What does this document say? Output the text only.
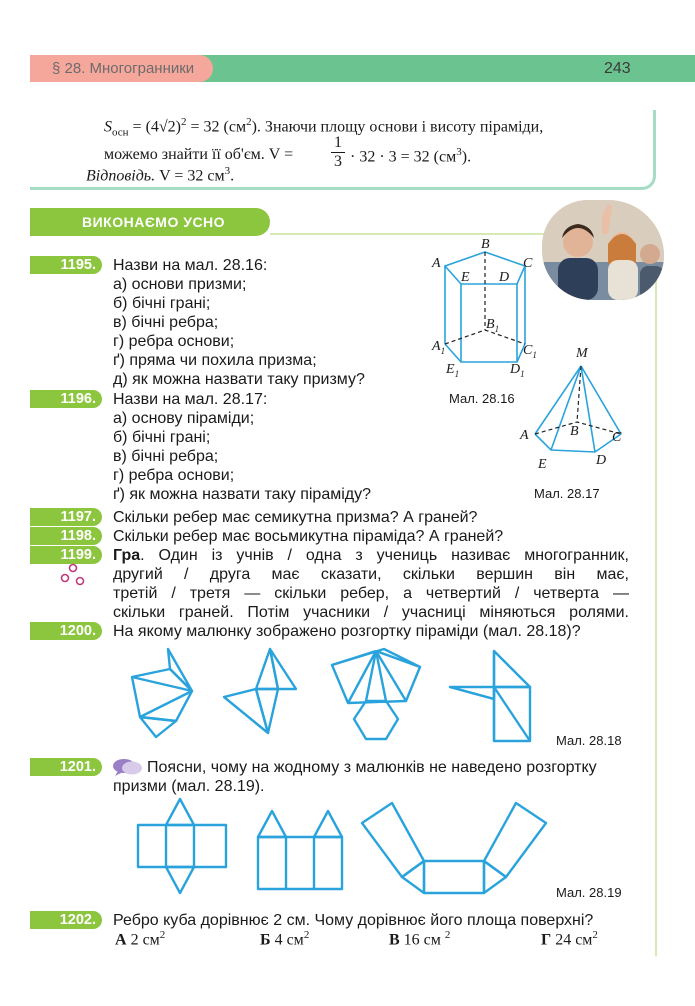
§ 28. Многогранники	243
$S_{осн} = (4√2)^2 = 32$ $(см^2)$. Знаючи площу основи і висоту піраміди,
можемо знайти її об'єм. $V = \frac{1}{3} \cdot 32 \cdot 3 = 32$ $(см^3)$.
Відповідь. V = 32 $см^3$.
ВИКОНАЄМО УСНО
1195.	Назви на мал. 28.16:
а) основи призми;
б) бічні грані;
в) бічні ребра;
г) ребра основи;
ґ) пряма чи похила призма;
д) як можна назвати таку призму?
1196.	Назви на мал. 28.17:
а) основу піраміди;
б) бічні грані;
в) бічні ребра;
г) ребра основи;
ґ) як можна назвати таку піраміду?
A
B
C
D
E
$B_1$
$A_1$	$C_1$
$E_1$	$D_1$
Мал. 28.16
M
A	B C
D
E
Мал. 28.17
1197.	Скільки ребер має семикутна призма? А граней?
1198.	Скільки ребер має восьмикутна піраміда? А граней?
1199.	Гра. Один із учнів / одна з учениць називає многогранник,
другий / друга має сказати, скільки вершин він має,
третій / третя — скільки ребер, а четвертий / четверта —
скільки граней. Потім учасники / учасниці міняються ролями.
1200.	На якому малюнку зображено розгортку піраміди (мал. 28.18)?
Мал. 28.18
1201.	Поясни, чому на жодному з малюнків не наведено розгортку
призми (мал. 28.19).
Мал. 28.19
1202.	Ребро куба дорівнює 2 см. Чому дорівнює його площа поверхні?
А 2 $см^2$	Б 4 $см^2$	В 16 см $^2$	Г 24 $см^2$
